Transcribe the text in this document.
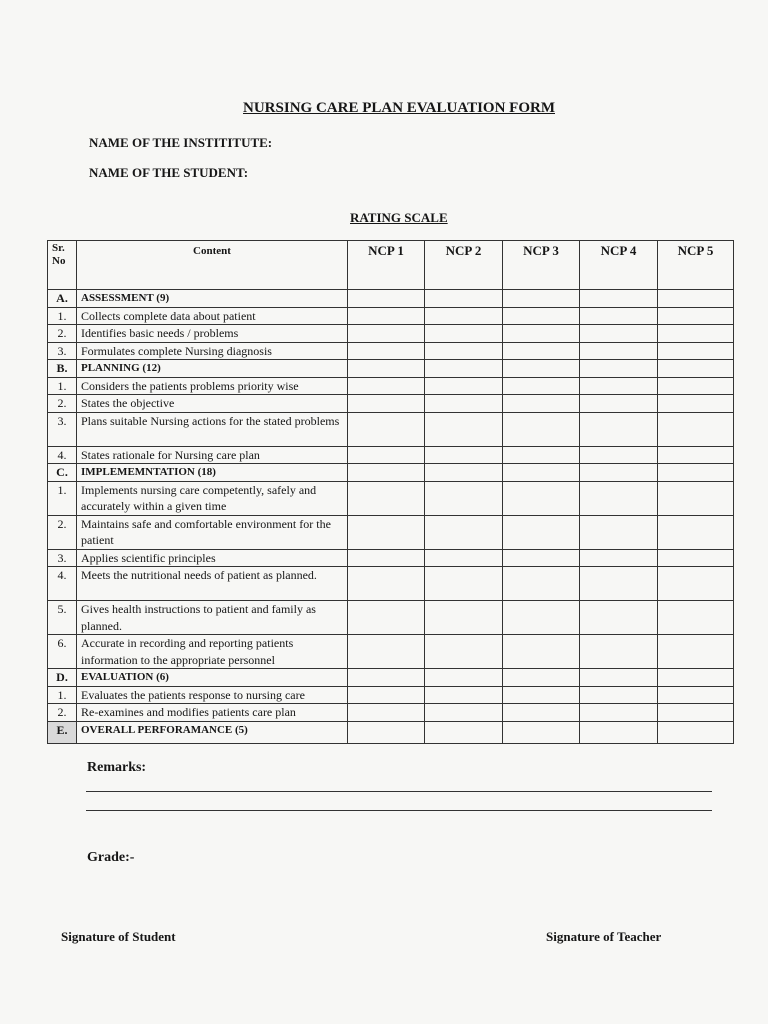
NURSING CARE PLAN EVALUATION FORM
NAME OF THE INSTITITUTE:
NAME OF THE STUDENT:
RATING SCALE
Sr. No	Content	NCP 1	NCP 2	NCP 3	NCP 4	NCP 5
A.	ASSESSMENT (9)					
1.	Collects complete data about patient					
2.	Identifies basic needs / problems					
3.	Formulates complete Nursing diagnosis					
B.	PLANNING (12)					
1.	Considers the patients problems priority wise					
2.	States the objective					
3.	Plans suitable Nursing actions for the stated problems					
4.	States rationale for Nursing care plan					
C.	IMPLEMEMNTATION (18)					
1.	Implements nursing care competently, safely and accurately within a given time					
2.	Maintains safe and comfortable environment for the patient					
3.	Applies scientific principles					
4.	Meets the nutritional needs of patient as planned.					
5.	Gives health instructions to patient and family as planned.					
6.	Accurate in recording and reporting patients information to the appropriate personnel					
D.	EVALUATION (6)					
1.	Evaluates the patients response to nursing care					
2.	Re-examines and modifies patients care plan					
E.	OVERALL PERFORAMANCE (5)					
Remarks:
Grade:-
Signature of Student	Signature of Teacher
